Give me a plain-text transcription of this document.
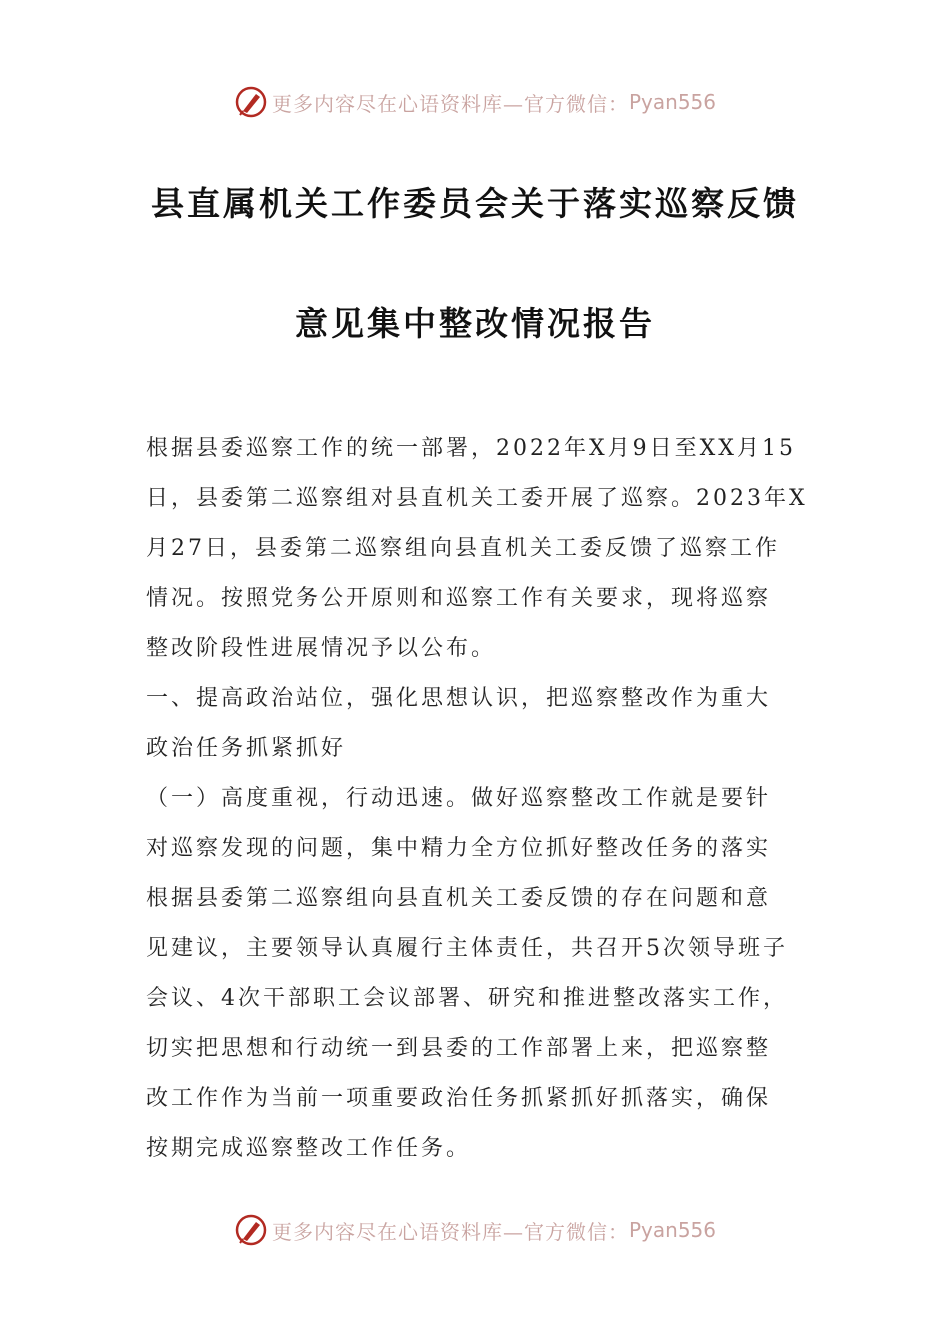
更多内容尽在心语资料库—官方微信： Pyan556
县直属机关工作委员会关于落实巡察反馈
意见集中整改情况报告
根据县委巡察工作的统一部署，2022年X月9日至XX月15
日，县委第二巡察组对县直机关工委开展了巡察。2023年X
月27日，县委第二巡察组向县直机关工委反馈了巡察工作
情况。按照党务公开原则和巡察工作有关要求，现将巡察
整改阶段性进展情况予以公布。
一、提高政治站位，强化思想认识，把巡察整改作为重大
政治任务抓紧抓好
（一）高度重视，行动迅速。做好巡察整改工作就是要针
对巡察发现的问题，集中精力全方位抓好整改任务的落实
根据县委第二巡察组向县直机关工委反馈的存在问题和意
见建议，主要领导认真履行主体责任，共召开5次领导班子
会议、4次干部职工会议部署、研究和推进整改落实工作，
切实把思想和行动统一到县委的工作部署上来，把巡察整
改工作作为当前一项重要政治任务抓紧抓好抓落实，确保
按期完成巡察整改工作任务。
更多内容尽在心语资料库—官方微信： Pyan556
